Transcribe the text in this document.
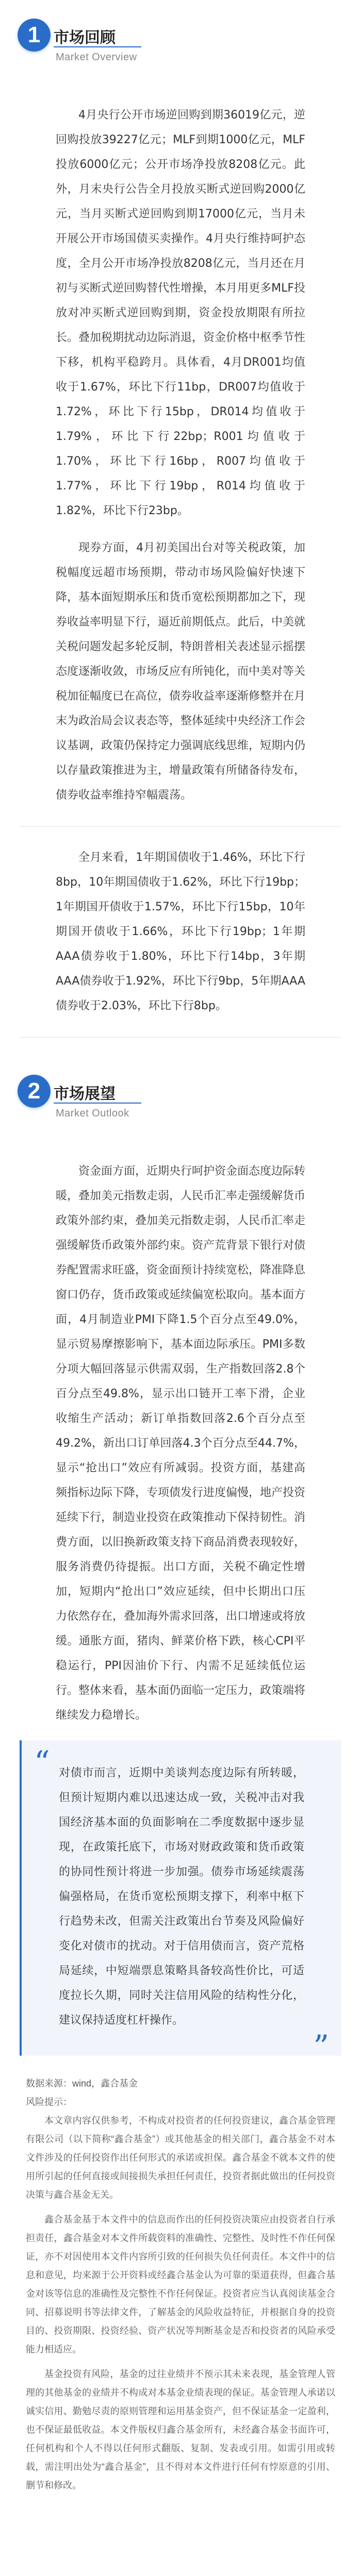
1 市场回顾
Market Overview

4月央行公开市场逆回购到期36019亿元，逆回购投放39227亿元；MLF到期1000亿元，MLF投放6000亿元；公开市场净投放8208亿元。此外，月末央行公告全月投放买断式逆回购2000亿元，当月买断式逆回购到期17000亿元，当月未开展公开市场国债买卖操作。4月央行维持呵护态度，全月公开市场净投放8208亿元，当月还在月初与买断式逆回购替代性增操，本月用更多MLF投放对冲买断式逆回购到期，资金投放期限有所拉长。叠加税期扰动边际消退，资金价格中枢季节性下移，机构平稳跨月。具体看，4月DR001均值收于1.67%，环比下行11bp，DR007均值收于1.72%，环比下行15bp，DR014均值收于1.79%，环比下行22bp；R001均值收于1.70%，环比下行16bp，R007均值收于1.77%，环比下行19bp，R014均值收于1.82%，环比下行23bp。

现券方面，4月初美国出台对等关税政策，加税幅度远超市场预期，带动市场风险偏好快速下降，基本面短期承压和货币宽松预期都加之下，现券收益率明显下行，逼近前期低点。此后，中美就关税问题发起多轮反制，特朗普相关表述显示摇摆态度逐渐收敛，市场反应有所钝化，而中美对等关税加征幅度已在高位，债券收益率逐渐修整并在月末为政治局会议表态等，整体延续中央经济工作会议基调，政策仍保持定力强调底线思维，短期内仍以存量政策推进为主，增量政策有所储备待发布，债券收益率维持窄幅震荡。

全月来看，1年期国债收于1.46%，环比下行8bp，10年期国债收于1.62%，环比下行19bp；1年期国开债收于1.57%，环比下行15bp，10年期国开债收于1.66%，环比下行19bp；1年期AAA债券收于1.80%，环比下行14bp，3年期AAA债券收于1.92%，环比下行9bp，5年期AAA债券收于2.03%，环比下行8bp。

2 市场展望
Market Outlook

资金面方面，近期央行呵护资金面态度边际转暖，叠加美元指数走弱，人民币汇率走强缓解货币政策外部约束，叠加美元指数走弱，人民币汇率走强缓解货币政策外部约束。资产荒背景下银行对债券配置需求旺盛，资金面预计持续宽松，降准降息窗口仍存，货币政策或延续偏宽松取向。基本面方面，4月制造业PMI下降1.5个百分点至49.0%，显示贸易摩擦影响下，基本面边际承压。PMI多数分项大幅回落显示供需双弱，生产指数回落2.8个百分点至49.8%，显示出口链开工率下滑，企业收缩生产活动；新订单指数回落2.6个百分点至49.2%，新出口订单回落4.3个百分点至44.7%，显示“抢出口”效应有所减弱。投资方面，基建高频指标边际下降，专项债发行进度偏慢，地产投资延续下行，制造业投资在政策推动下保持韧性。消费方面，以旧换新政策支持下商品消费表现较好，服务消费仍待提振。出口方面，关税不确定性增加，短期内“抢出口”效应延续，但中长期出口压力依然存在，叠加海外需求回落，出口增速或将放缓。通胀方面，猪肉、鲜菜价格下跌，核心CPI平稳运行，PPI因油价下行、内需不足延续低位运行。整体来看，基本面仍面临一定压力，政策端将继续发力稳增长。

“ 对债市而言，近期中美谈判态度边际有所转暖，但预计短期内难以迅速达成一致，关税冲击对我国经济基本面的负面影响在二季度数据中逐步显现，在政策托底下，市场对财政政策和货币政策的协同性预计将进一步加强。债券市场延续震荡偏强格局，在货币宽松预期支撑下，利率中枢下行趋势未改，但需关注政策出台节奏及风险偏好变化对债市的扰动。对于信用债而言，资产荒格局延续，中短端票息策略具备较高性价比，可适度拉长久期，同时关注信用风险的结构性分化，建议保持适度杠杆操作。

”
数据来源：wind，鑫合基金
风险提示：

本文章内容仅供参考，不构成对投资者的任何投资建议，鑫合基金管理有限公司（以下简称“鑫合基金”）或其他基金的相关部门，鑫合基金不对本文件涉及的任何投资作出任何形式的承诺或担保。鑫合基金不就本文件的使用所引起的任何直接或间接损失承担任何责任，投资者据此做出的任何投资决策与鑫合基金无关。

鑫合基金基于本文件中的信息而作出的任何投资决策应由投资者自行承担责任，鑫合基金对本文件所载资料的准确性、完整性、及时性不作任何保证，亦不对因使用本文件内容所引致的任何损失负任何责任。本文件中的信息和意见，均来源于公开资料或经鑫合基金认为可靠的渠道获得，但鑫合基金对该等信息的准确性及完整性不作任何保证。投资者应当认真阅读基金合同、招募说明书等法律文件，了解基金的风险收益特征，并根据自身的投资目的、投资期限、投资经验、资产状况等判断基金是否和投资者的风险承受能力相适应。

基金投资有风险，基金的过往业绩并不预示其未来表现，基金管理人管理的其他基金的业绩并不构成对本基金业绩表现的保证。基金管理人承诺以诚实信用、勤勉尽责的原则管理和运用基金资产，但不保证基金一定盈利，也不保证最低收益。本文件版权归鑫合基金所有，未经鑫合基金书面许可，任何机构和个人不得以任何形式翻版、复制、发表或引用。如需引用或转载，需注明出处为“鑫合基金”，且不得对本文件进行任何有悖原意的引用、删节和修改。
